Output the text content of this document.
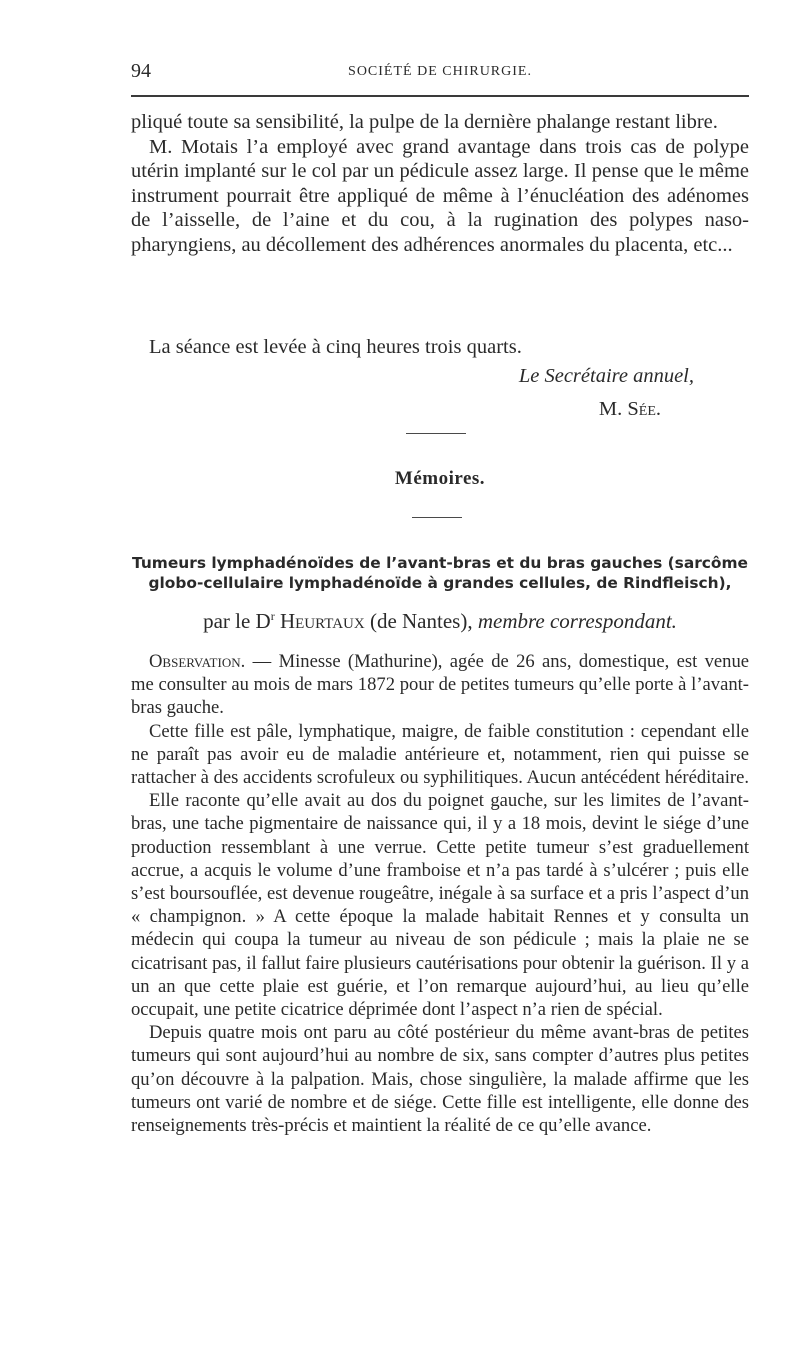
94	SOCIÉTÉ DE CHIRURGIE.

pliqué toute sa sensibilité, la pulpe de la dernière phalange restant libre.

M. Motais l’a employé avec grand avantage dans trois cas de polype utérin implanté sur le col par un pédicule assez large. Il pense que le même instrument pourrait être appliqué de même à l’énucléation des adénomes de l’aisselle, de l’aine et du cou, à la rugination des polypes naso-pharyngiens, au décollement des adhérences anormales du placenta, etc...

La séance est levée à cinq heures trois quarts.

Le Secrétaire annuel,
M. Sée.
Mémoires.
Tumeurs lymphadénoïdes de l’avant-bras et du bras gauches (sarcôme
globo-cellulaire lymphadénoïde à grandes cellules, de Rindfleisch),
par le $D^r$ Heurtaux (de Nantes), membre correspondant.

Observation. — Minesse (Mathurine), agée de 26 ans, domestique, est venue me consulter au mois de mars 1872 pour de petites tumeurs qu’elle porte à l’avant-bras gauche.

Cette fille est pâle, lymphatique, maigre, de faible constitution : cependant elle ne paraît pas avoir eu de maladie antérieure et, notamment, rien qui puisse se rattacher à des accidents scrofuleux ou syphilitiques. Aucun antécédent héréditaire.

Elle raconte qu’elle avait au dos du poignet gauche, sur les limites de l’avant-bras, une tache pigmentaire de naissance qui, il y a 18 mois, devint le siége d’une production ressemblant à une verrue. Cette petite tumeur s’est graduellement accrue, a acquis le volume d’une framboise et n’a pas tardé à s’ulcérer ; puis elle s’est boursouflée, est devenue rougeâtre, inégale à sa surface et a pris l’aspect d’un « champignon. » A cette époque la malade habitait Rennes et y consulta un médecin qui coupa la tumeur au niveau de son pédicule ; mais la plaie ne se cicatrisant pas, il fallut faire plusieurs cautérisations pour obtenir la guérison. Il y a un an que cette plaie est guérie, et l’on remarque aujourd’hui, au lieu qu’elle occupait, une petite cicatrice déprimée dont l’aspect n’a rien de spécial.

Depuis quatre mois ont paru au côté postérieur du même avant-bras de petites tumeurs qui sont aujourd’hui au nombre de six, sans compter d’autres plus petites qu’on découvre à la palpation. Mais, chose singulière, la malade affirme que les tumeurs ont varié de nombre et de siége. Cette fille est intelligente, elle donne des renseignements très-précis et maintient la réalité de ce qu’elle avance.
